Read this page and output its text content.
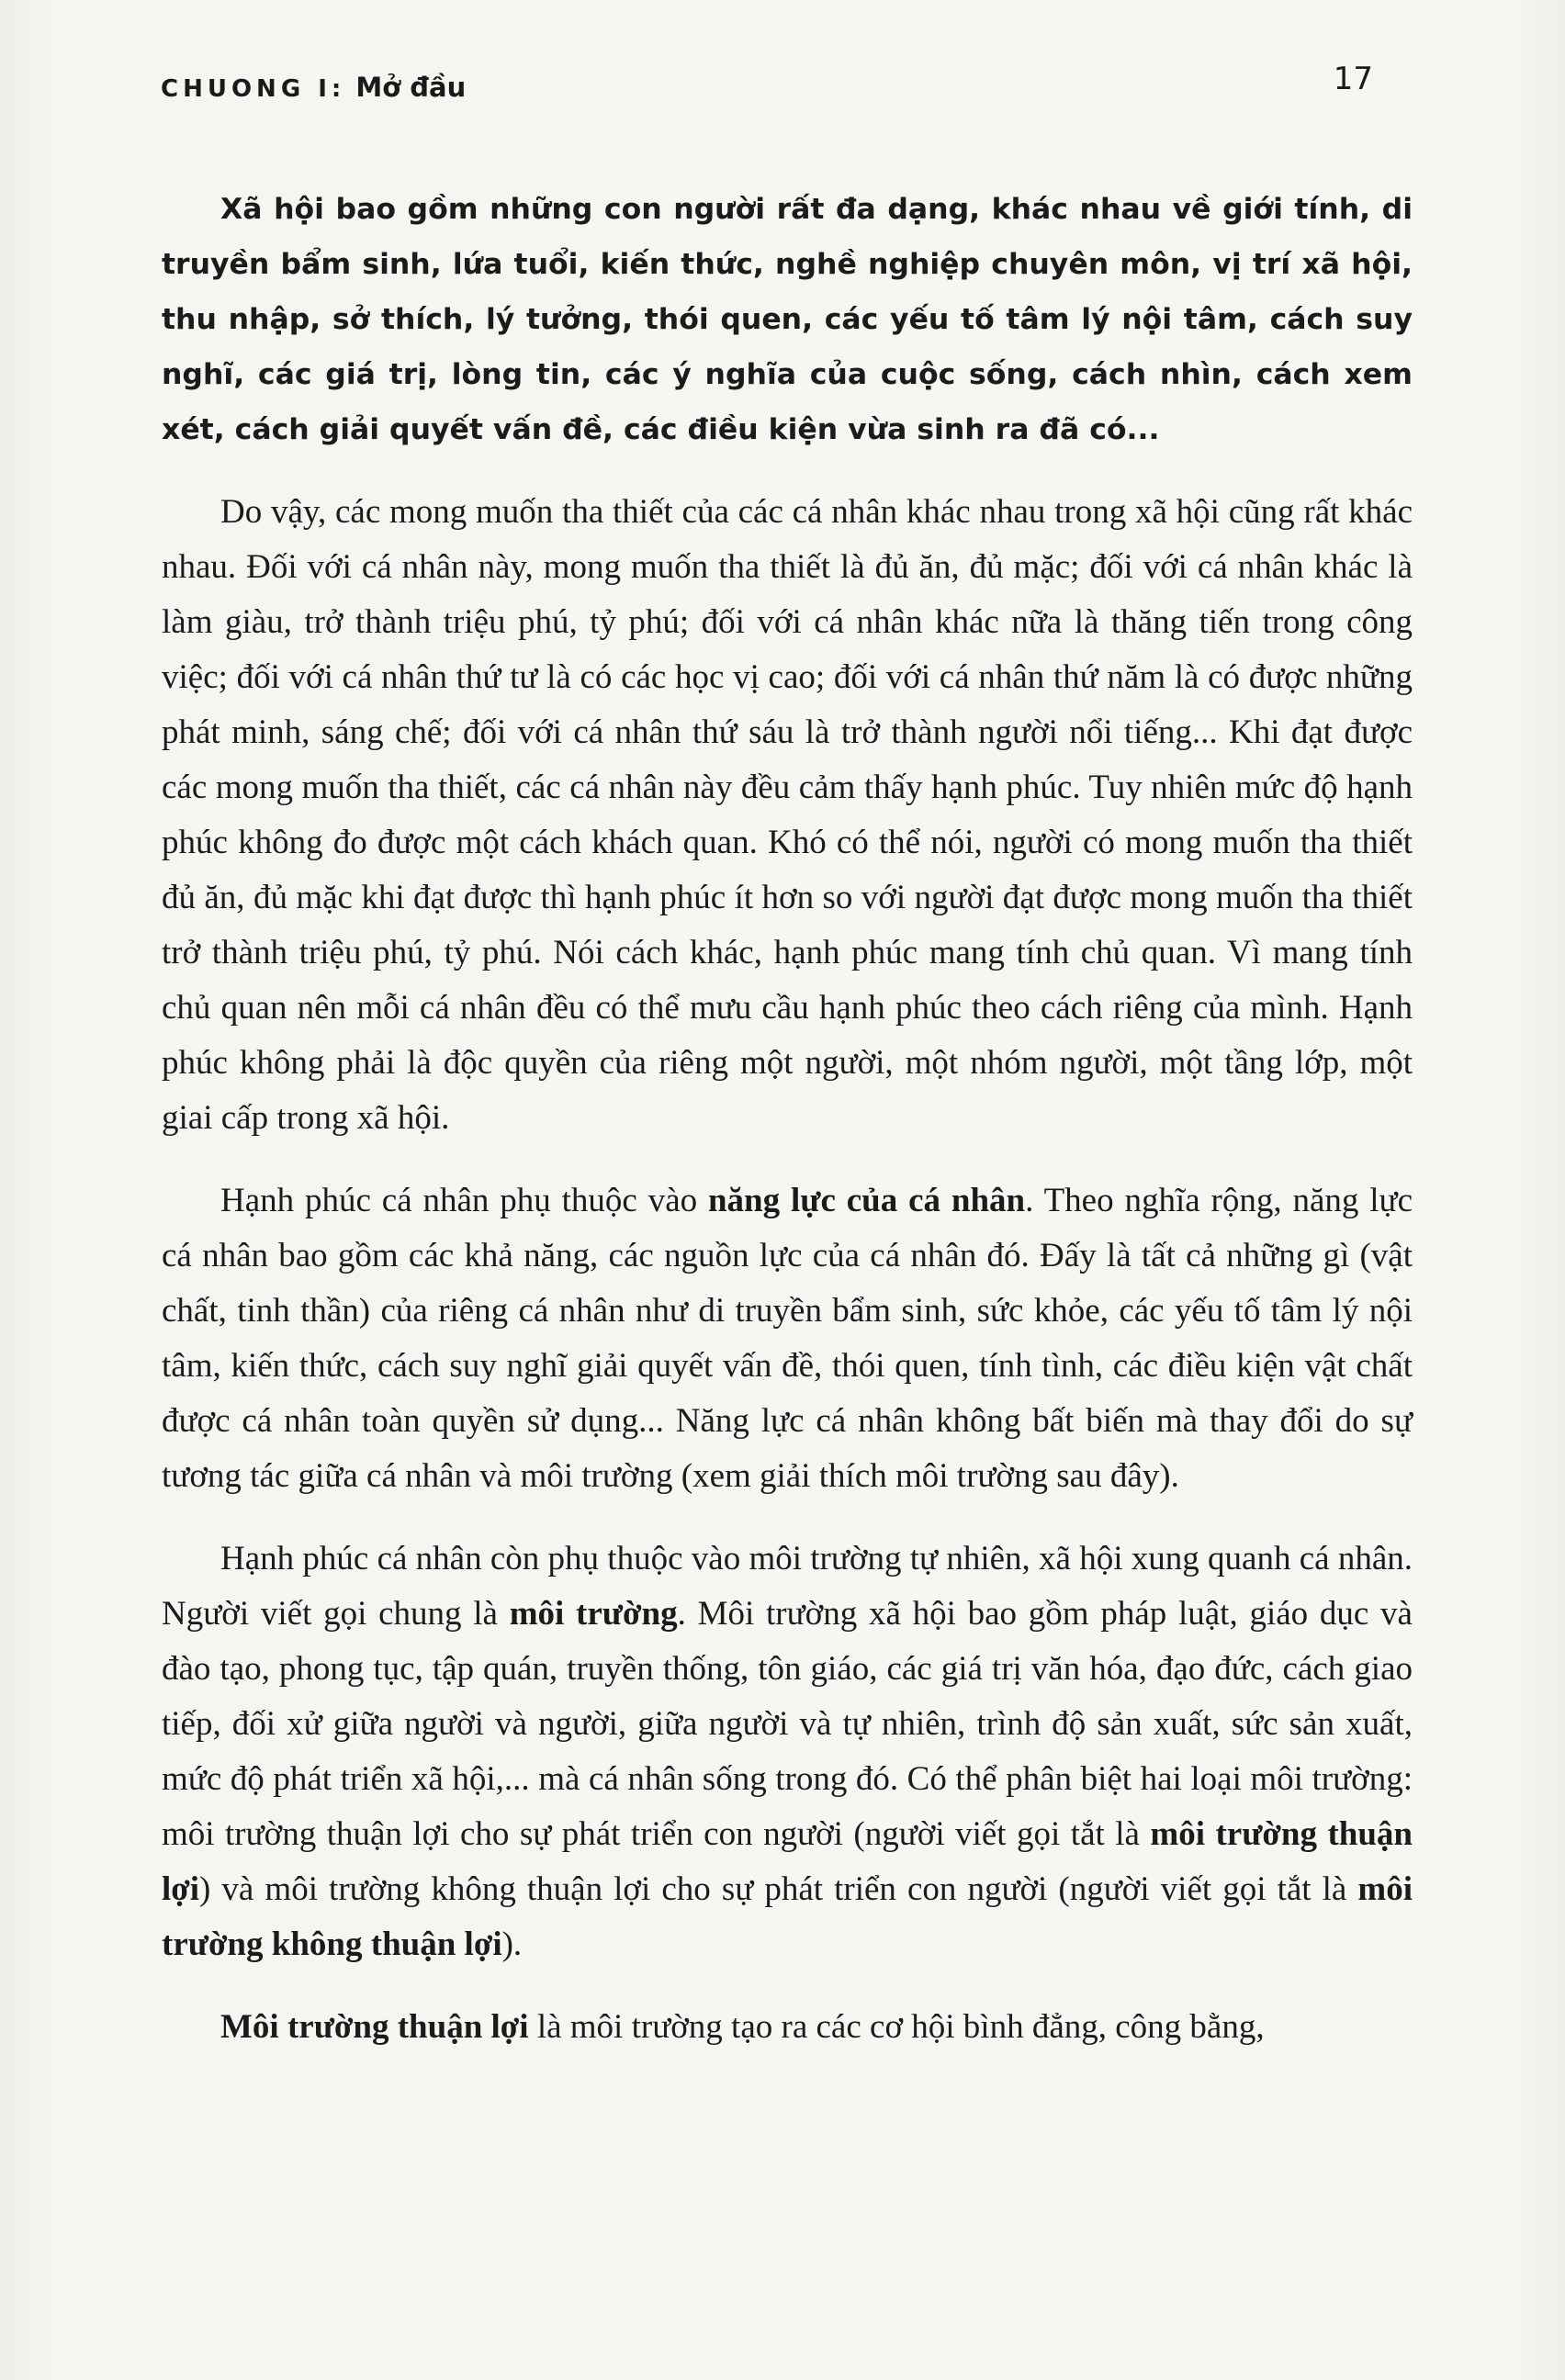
CHUONG I: Mở đầu	17

Xã hội bao gồm những con người rất đa dạng, khác nhau về giới tính, di truyền bẩm sinh, lứa tuổi, kiến thức, nghề nghiệp chuyên môn, vị trí xã hội, thu nhập, sở thích, lý tưởng, thói quen, các yếu tố tâm lý nội tâm, cách suy nghĩ, các giá trị, lòng tin, các ý nghĩa của cuộc sống, cách nhìn, cách xem xét, cách giải quyết vấn đề, các điều kiện vừa sinh ra đã có...

Do vậy, các mong muốn tha thiết của các cá nhân khác nhau trong xã hội cũng rất khác nhau. Đối với cá nhân này, mong muốn tha thiết là đủ ăn, đủ mặc; đối với cá nhân khác là làm giàu, trở thành triệu phú, tỷ phú; đối với cá nhân khác nữa là thăng tiến trong công việc; đối với cá nhân thứ tư là có các học vị cao; đối với cá nhân thứ năm là có được những phát minh, sáng chế; đối với cá nhân thứ sáu là trở thành người nổi tiếng... Khi đạt được các mong muốn tha thiết, các cá nhân này đều cảm thấy hạnh phúc. Tuy nhiên mức độ hạnh phúc không đo được một cách khách quan. Khó có thể nói, người có mong muốn tha thiết đủ ăn, đủ mặc khi đạt được thì hạnh phúc ít hơn so với người đạt được mong muốn tha thiết trở thành triệu phú, tỷ phú. Nói cách khác, hạnh phúc mang tính chủ quan. Vì mang tính chủ quan nên mỗi cá nhân đều có thể mưu cầu hạnh phúc theo cách riêng của mình. Hạnh phúc không phải là độc quyền của riêng một người, một nhóm người, một tầng lớp, một giai cấp trong xã hội.

Hạnh phúc cá nhân phụ thuộc vào năng lực của cá nhân. Theo nghĩa rộng, năng lực cá nhân bao gồm các khả năng, các nguồn lực của cá nhân đó. Đấy là tất cả những gì (vật chất, tinh thần) của riêng cá nhân như di truyền bẩm sinh, sức khỏe, các yếu tố tâm lý nội tâm, kiến thức, cách suy nghĩ giải quyết vấn đề, thói quen, tính tình, các điều kiện vật chất được cá nhân toàn quyền sử dụng... Năng lực cá nhân không bất biến mà thay đổi do sự tương tác giữa cá nhân và môi trường (xem giải thích môi trường sau đây).

Hạnh phúc cá nhân còn phụ thuộc vào môi trường tự nhiên, xã hội xung quanh cá nhân. Người viết gọi chung là môi trường. Môi trường xã hội bao gồm pháp luật, giáo dục và đào tạo, phong tục, tập quán, truyền thống, tôn giáo, các giá trị văn hóa, đạo đức, cách giao tiếp, đối xử giữa người và người, giữa người và tự nhiên, trình độ sản xuất, sức sản xuất, mức độ phát triển xã hội,... mà cá nhân sống trong đó. Có thể phân biệt hai loại môi trường: môi trường thuận lợi cho sự phát triển con người (người viết gọi tắt là môi trường thuận lợi) và môi trường không thuận lợi cho sự phát triển con người (người viết gọi tắt là môi trường không thuận lợi).

Môi trường thuận lợi là môi trường tạo ra các cơ hội bình đẳng, công bằng,
